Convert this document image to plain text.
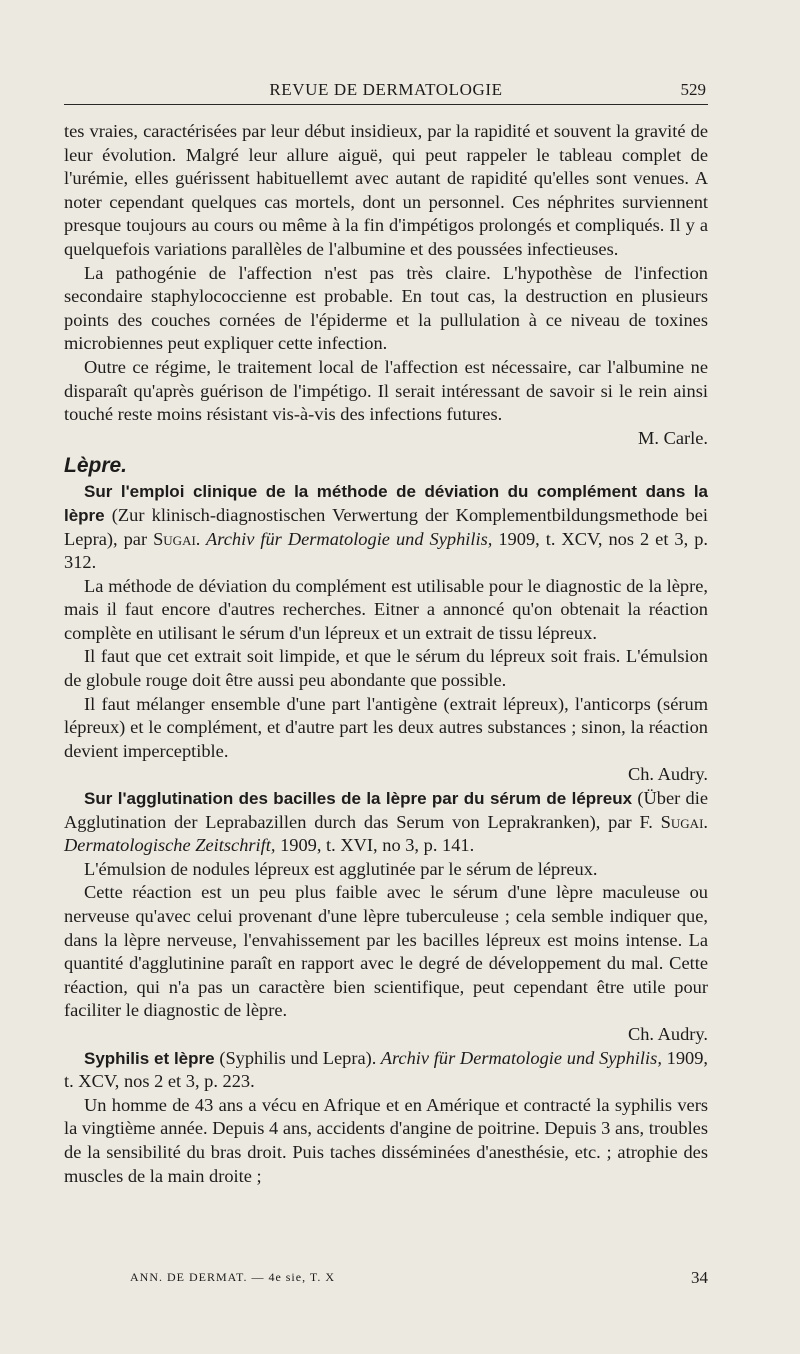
REVUE DE DERMATOLOGIE	529

tes vraies, caractérisées par leur début insidieux, par la rapidité et souvent la gravité de leur évolution. Malgré leur allure aiguë, qui peut rappeler le tableau complet de l'urémie, elles guérissent habituellemt avec autant de rapidité qu'elles sont venues. A noter cependant quelques cas mortels, dont un personnel. Ces néphrites surviennent presque toujours au cours ou même à la fin d'impétigos prolongés et compliqués. Il y a quelquefois variations parallèles de l'albumine et des poussées infectieuses.

La pathogénie de l'affection n'est pas très claire. L'hypothèse de l'infection secondaire staphylococcienne est probable. En tout cas, la destruction en plusieurs points des couches cornées de l'épiderme et la pullulation à ce niveau de toxines microbiennes peut expliquer cette infection.

Outre ce régime, le traitement local de l'affection est nécessaire, car l'albumine ne disparaît qu'après guérison de l'impétigo. Il serait intéressant de savoir si le rein ainsi touché reste moins résistant vis-à-vis des infections futures.
M. Carle.

Lèpre.

Sur l'emploi clinique de la méthode de déviation du complément dans la lèpre (Zur klinisch-diagnostischen Verwertung der Komplementbildungsmethode bei Lepra), par Sugai. Archiv für Dermatologie und Syphilis, 1909, t. XCV, nos 2 et 3, p. 312.

La méthode de déviation du complément est utilisable pour le diagnostic de la lèpre, mais il faut encore d'autres recherches. Eitner a annoncé qu'on obtenait la réaction complète en utilisant le sérum d'un lépreux et un extrait de tissu lépreux.

Il faut que cet extrait soit limpide, et que le sérum du lépreux soit frais. L'émulsion de globule rouge doit être aussi peu abondante que possible.

Il faut mélanger ensemble d'une part l'antigène (extrait lépreux), l'anticorps (sérum lépreux) et le complément, et d'autre part les deux autres substances ; sinon, la réaction devient imperceptible.
Ch. Audry.

Sur l'agglutination des bacilles de la lèpre par du sérum de lépreux (Über die Agglutination der Leprabazillen durch das Serum von Leprakranken), par F. Sugai. Dermatologische Zeitschrift, 1909, t. XVI, no 3, p. 141.

L'émulsion de nodules lépreux est agglutinée par le sérum de lépreux.

Cette réaction est un peu plus faible avec le sérum d'une lèpre maculeuse ou nerveuse qu'avec celui provenant d'une lèpre tuberculeuse ; cela semble indiquer que, dans la lèpre nerveuse, l'envahissement par les bacilles lépreux est moins intense. La quantité d'agglutinine paraît en rapport avec le degré de développement du mal. Cette réaction, qui n'a pas un caractère bien scientifique, peut cependant être utile pour faciliter le diagnostic de lèpre.
Ch. Audry.

Syphilis et lèpre (Syphilis und Lepra). Archiv für Dermatologie und Syphilis, 1909, t. XCV, nos 2 et 3, p. 223.

Un homme de 43 ans a vécu en Afrique et en Amérique et contracté la syphilis vers la vingtième année. Depuis 4 ans, accidents d'angine de poitrine. Depuis 3 ans, troubles de la sensibilité du bras droit. Puis taches disséminées d'anesthésie, etc. ; atrophie des muscles de la main droite ;

ANN. DE DERMAT. — 4e sie, T. X	34
